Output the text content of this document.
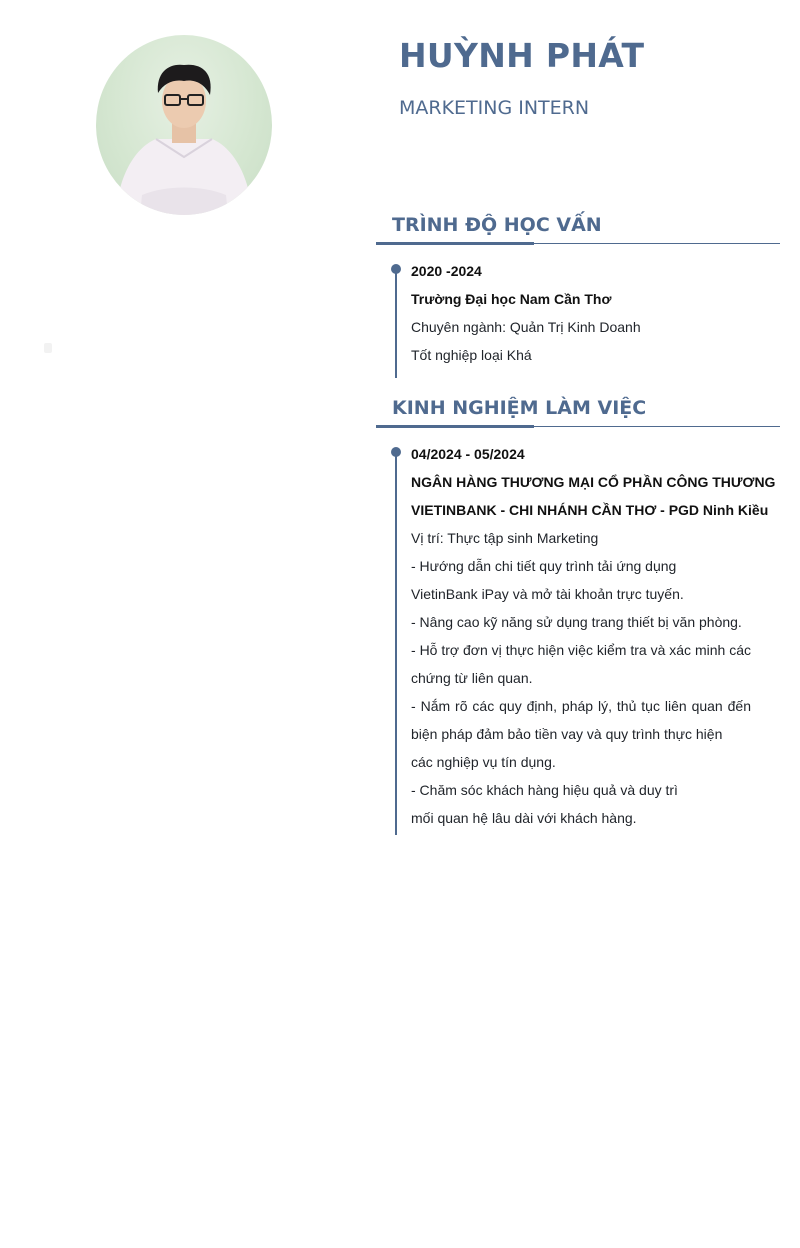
HUỲNH PHÁT
MARKETING INTERN
TRÌNH ĐỘ HỌC VẤN
2020 -2024
Trường Đại học Nam Cần Thơ
Chuyên ngành: Quản Trị Kinh Doanh
Tốt nghiệp loại Khá
KINH NGHIỆM LÀM VIỆC
04/2024 - 05/2024
NGÂN HÀNG THƯƠNG MẠI CỔ PHẦN CÔNG THƯƠNG
VIETINBANK - CHI NHÁNH CẦN THƠ - PGD Ninh Kiều
Vị trí: Thực tập sinh Marketing
- Hướng dẫn chi tiết quy trình tải ứng dụng
VietinBank iPay và mở tài khoản trực tuyến.
- Nâng cao kỹ năng sử dụng trang thiết bị văn phòng.
- Hỗ trợ đơn vị thực hiện việc kiểm tra và xác minh các
chứng từ liên quan.
- Nắm rõ các quy định, pháp lý, thủ tục liên quan đến
biện pháp đảm bảo tiền vay và quy trình thực hiện
các nghiệp vụ tín dụng.
- Chăm sóc khách hàng hiệu quả và duy trì
mối quan hệ lâu dài với khách hàng.
